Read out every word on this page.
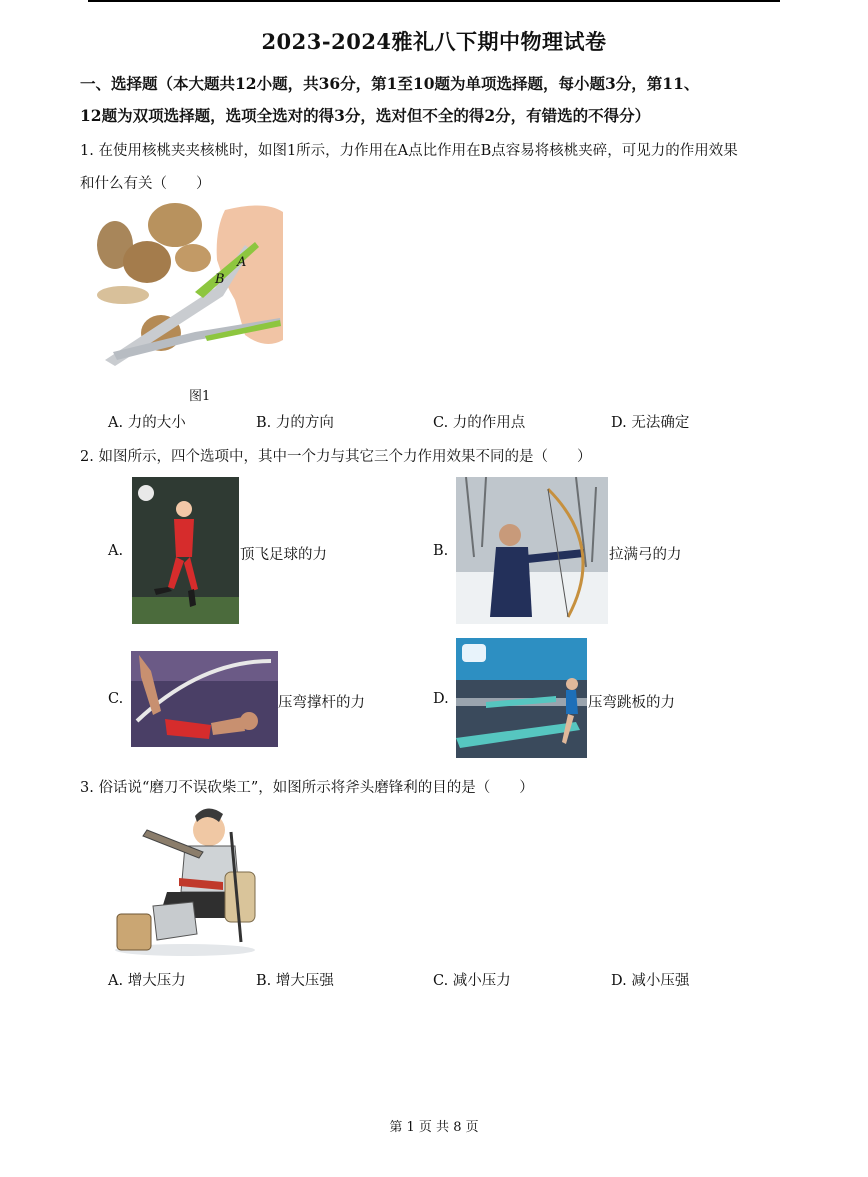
2023-2024雅礼八下期中物理试卷
一、选择题（本大题共12小题，共36分，第1至10题为单项选择题，每小题3分，第11、
12题为双项选择题，选项全选对的得3分，选对但不全的得2分，有错选的不得分）
1. 在使用核桃夹夹核桃时，如图1所示，力作用在A点比作用在B点容易将核桃夹碎，可见力的作用效果
和什么有关（　　）
A
B
图1
A. 力的大小	B. 力的方向	C. 力的作用点	D. 无法确定
2. 如图所示，四个选项中，其中一个力与其它三个力作用效果不同的是（　　）
A.	顶飞足球的力	B.	拉满弓的力
C.	压弯撑杆的力	D.	压弯跳板的力
3. 俗话说“磨刀不误砍柴工”，如图所示将斧头磨锋利的目的是（　　）
A. 增大压力	B. 增大压强	C. 减小压力	D. 减小压强
第 1 页 共 8 页
